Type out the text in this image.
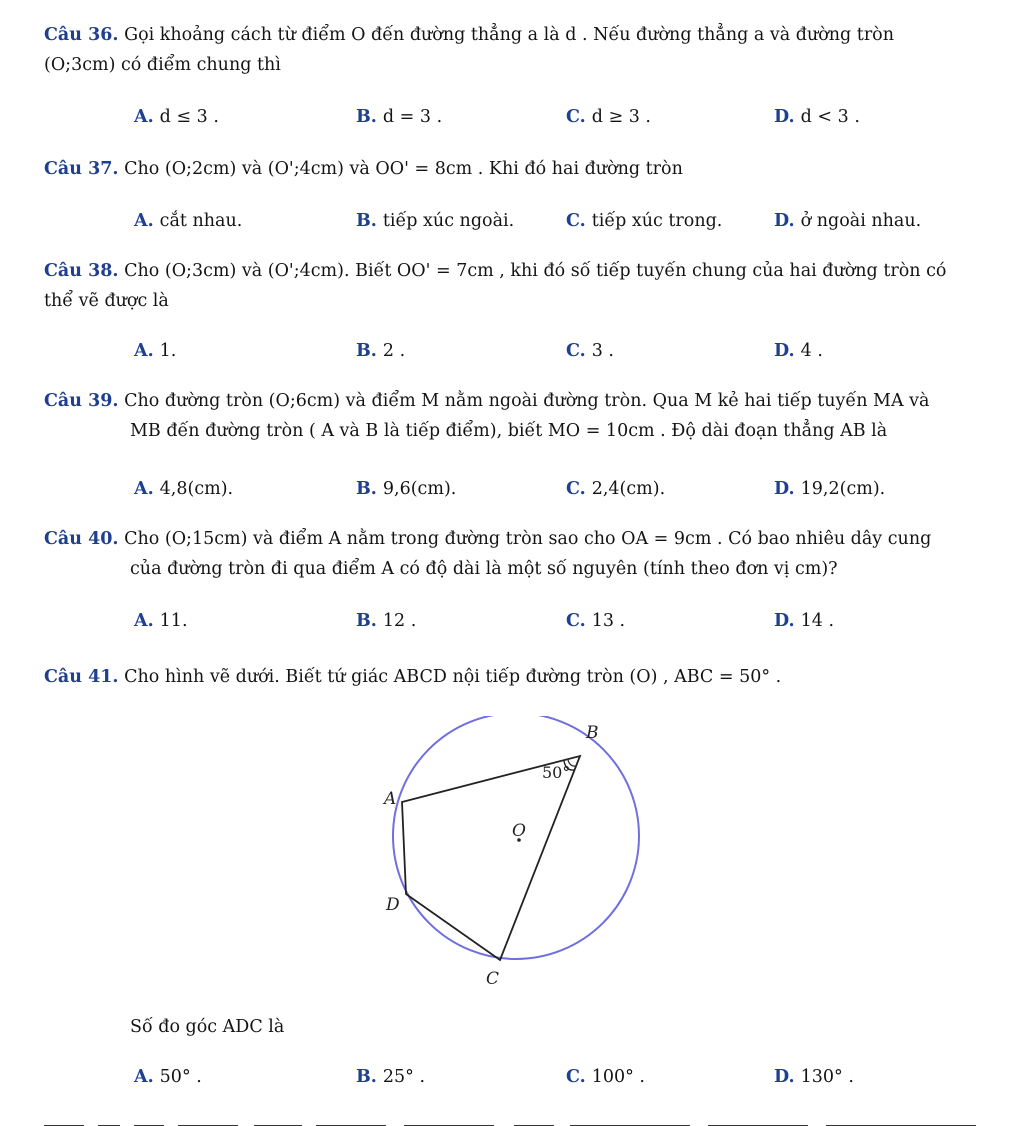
Câu 36. Gọi khoảng cách từ điểm O đến đường thẳng a là d . Nếu đường thẳng a và đường tròn
(O;3cm) có điểm chung thì
A. d ≤ 3 .	B. d = 3 .	C. d ≥ 3 .	D. d < 3 .
Câu 37. Cho (O;2cm) và (O';4cm) và OO' = 8cm . Khi đó hai đường tròn
A. cắt nhau.	B. tiếp xúc ngoài.	C. tiếp xúc trong.	D. ở ngoài nhau.
Câu 38. Cho (O;3cm) và (O';4cm). Biết OO' = 7cm , khi đó số tiếp tuyến chung của hai đường tròn có
thể vẽ được là
A. 1.	B. 2 .	C. 3 .	D. 4 .
Câu 39. Cho đường tròn (O;6cm) và điểm M nằm ngoài đường tròn. Qua M kẻ hai tiếp tuyến MA và
MB đến đường tròn ( A và B là tiếp điểm), biết MO = 10cm . Độ dài đoạn thẳng AB là
A. 4,8(cm).	B. 9,6(cm).	C. 2,4(cm).	D. 19,2(cm).
Câu 40. Cho (O;15cm) và điểm A nằm trong đường tròn sao cho OA = 9cm . Có bao nhiêu dây cung
của đường tròn đi qua điểm A có độ dài là một số nguyên (tính theo đơn vị cm)?
A. 11.	B. 12 .	C. 13 .	D. 14 .
Câu 41. Cho hình vẽ dưới. Biết tứ giác ABCD nội tiếp đường tròn (O) , ABC = 50° .
B
A
O
D
C
50°
Số đo góc ADC là
A. 50° .	B. 25° .	C. 100° .	D. 130° .
